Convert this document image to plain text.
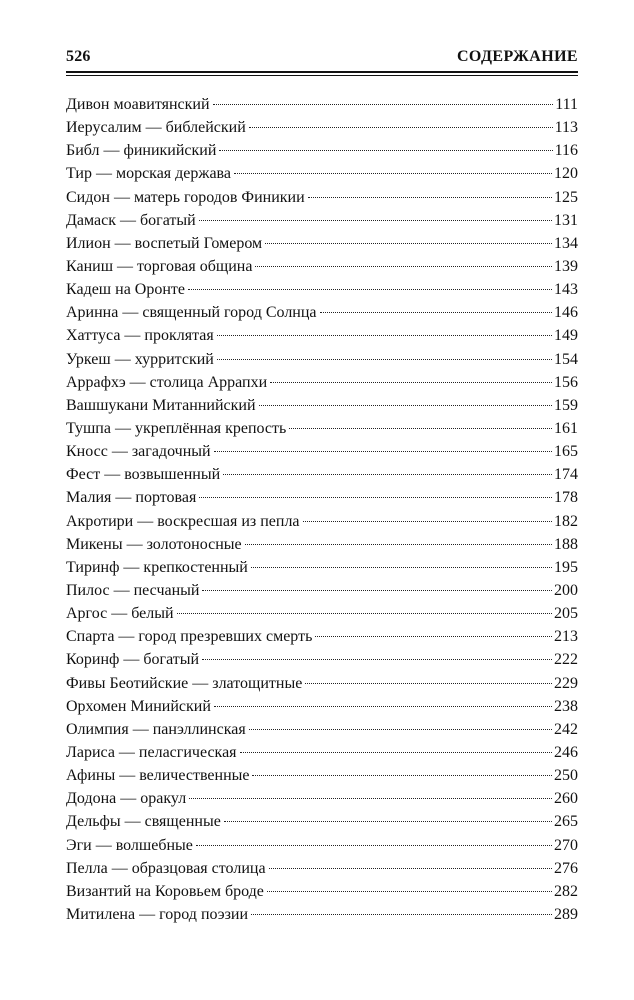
526	СОДЕРЖАНИЕ
Дивон моавитянский	111
Иерусалим — библейский	113
Библ — финикийский	116
Тир — морская держава	120
Сидон — матерь городов Финикии	125
Дамаск — богатый	131
Илион — воспетый Гомером	134
Каниш — торговая община	139
Кадеш на Оронте	143
Аринна — священный город Солнца	146
Хаттуса — проклятая	149
Уркеш — хурритский	154
Аррафхэ — столица Аррапхи	156
Вашшукани Митаннийский	159
Тушпа — укреплённая крепость	161
Кносс — загадочный	165
Фест — возвышенный	174
Малия — портовая	178
Акротири — воскресшая из пепла	182
Микены — золотоносные	188
Тиринф — крепкостенный	195
Пилос — песчаный	200
Аргос — белый	205
Спарта — город презревших смерть	213
Коринф — богатый	222
Фивы Беотийские — златощитные	229
Орхомен Минийский	238
Олимпия — панэллинская	242
Лариса — пеласгическая	246
Афины — величественные	250
Додона — оракул	260
Дельфы — священные	265
Эги — волшебные	270
Пелла — образцовая столица	276
Византий на Коровьем броде	282
Митилена — город поэзии	289
